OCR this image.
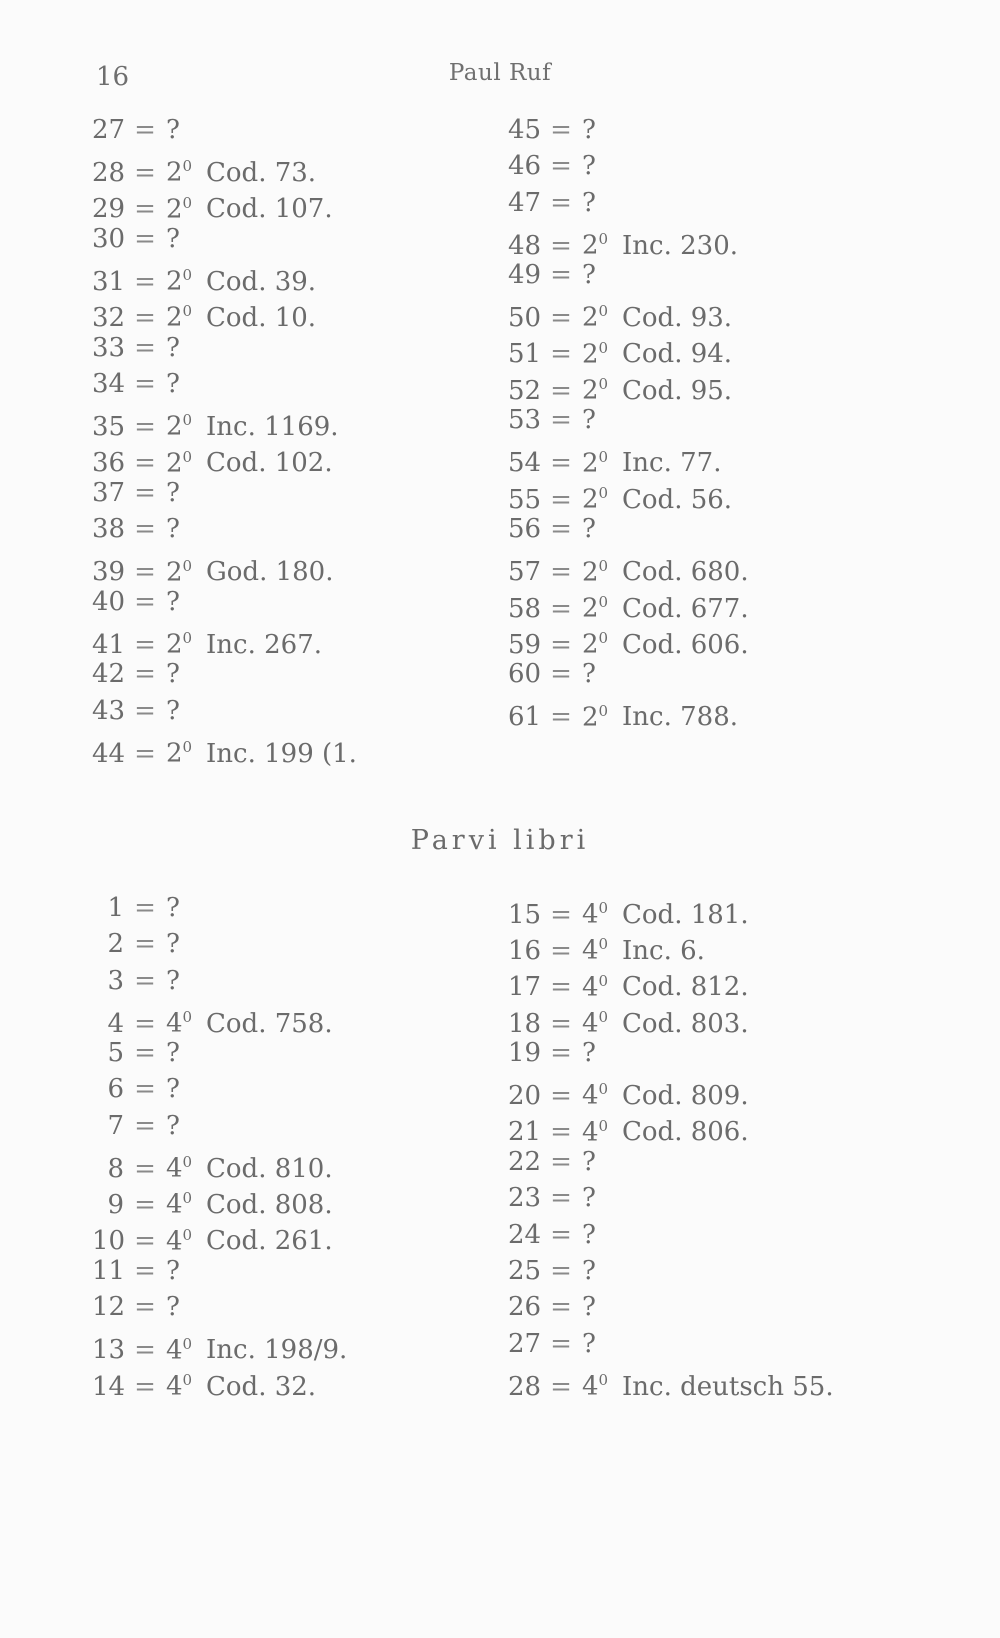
16	Paul Ruf
27 = ?
$28 = 2^0$ Cod. 73.
$29 = 2^0$ Cod. 107.
30 = ?
$31 = 2^0$ Cod. 39.
$32 = 2^0$ Cod. 10.
33 = ?
34 = ?
$35 = 2^0$ Inc. 1169.
$36 = 2^0$ Cod. 102.
37 = ?
38 = ?
$39 = 2^0$ God. 180.
40 = ?
$41 = 2^0$ Inc. 267.
42 = ?
43 = ?
$44 = 2^0$ Inc. 199 (1.
45 = ?
46 = ?
47 = ?
$48 = 2^0$ Inc. 230.
49 = ?
$50 = 2^0$ Cod. 93.
$51 = 2^0$ Cod. 94.
$52 = 2^0$ Cod. 95.
53 = ?
$54 = 2^0$ Inc. 77.
$55 = 2^0$ Cod. 56.
56 = ?
$57 = 2^0$ Cod. 680.
$58 = 2^0$ Cod. 677.
$59 = 2^0$ Cod. 606.
60 = ?
$61 = 2^0$ Inc. 788.
Parvi libri
1 = ?
2 = ?
3 = ?
$4 = 4^0$ Cod. 758.
5 = ?
6 = ?
7 = ?
$8 = 4^0$ Cod. 810.
$9 = 4^0$ Cod. 808.
$10 = 4^0$ Cod. 261.
11 = ?
12 = ?
$13 = 4^0$ Inc. 198/9.
$14 = 4^0$ Cod. 32.
$15 = 4^0$ Cod. 181.
$16 = 4^0$ Inc. 6.
$17 = 4^0$ Cod. 812.
$18 = 4^0$ Cod. 803.
19 = ?
$20 = 4^0$ Cod. 809.
$21 = 4^0$ Cod. 806.
22 = ?
23 = ?
24 = ?
25 = ?
26 = ?
27 = ?
$28 = 4^0$ Inc. deutsch 55.
